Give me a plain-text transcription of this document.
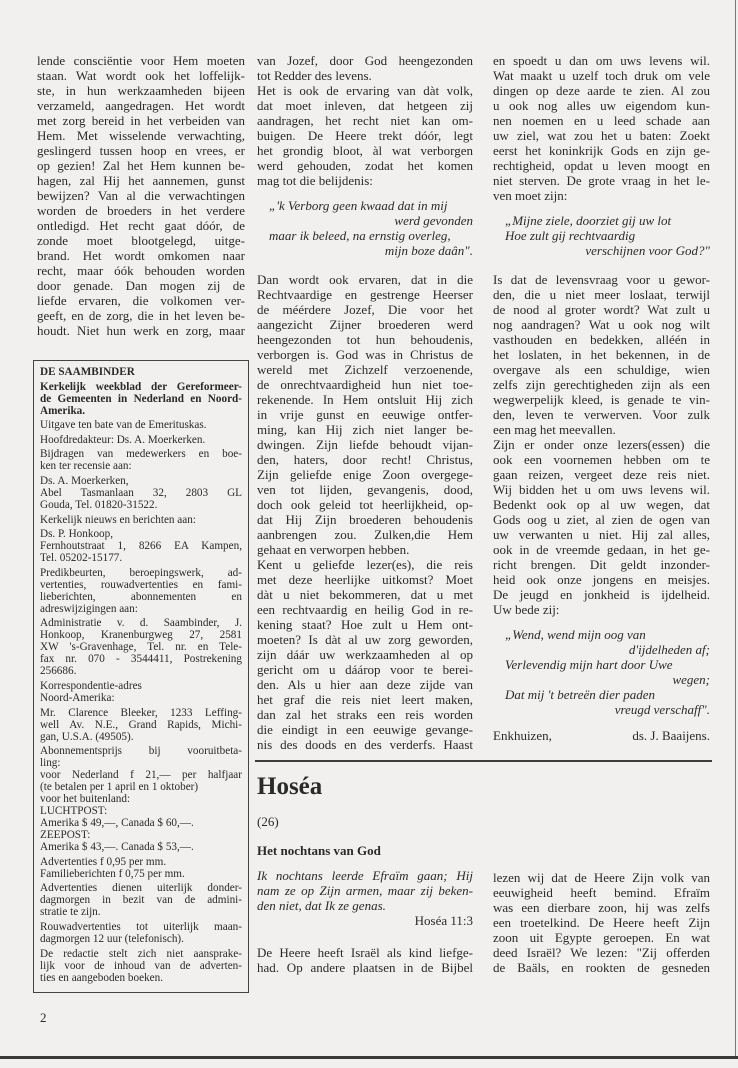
lende consciëntie voor Hem moeten
staan. Wat wordt ook het loffelijk-
ste, in hun werkzaamheden bijeen
verzameld, aangedragen. Het wordt
met zorg bereid in het verbeiden van
Hem. Met wisselende verwachting,
geslingerd tussen hoop en vrees, er
op gezien! Zal het Hem kunnen be-
hagen, zal Hij het aannemen, gunst
bewijzen? Van al die verwachtingen
worden de broeders in het verdere
ontledigd. Het recht gaat dóór, de
zonde moet blootgelegd, uitge-
brand. Het wordt omkomen naar
recht, maar óók behouden worden
door genade. Dan mogen zij de
liefde ervaren, die volkomen ver-
geeft, en de zorg, die in het leven be-
houdt. Niet hun werk en zorg, maar
DE SAAMBINDER
Kerkelijk weekblad der Gereformeer-
de Gemeenten in Nederland en Noord-
Amerika.
Uitgave ten bate van de Emerituskas.
Hoofdredakteur: Ds. A. Moerkerken.
Bijdragen van medewerkers en boe-
ken ter recensie aan:
Ds. A. Moerkerken,
Abel Tasmanlaan 32, 2803 GL
Gouda, Tel. 01820-31522.
Kerkelijk nieuws en berichten aan:
Ds. P. Honkoop,
Fernhoutstraat 1, 8266 EA Kampen,
Tel. 05202-15177.
Predikbeurten, beroepingswerk, ad-
vertenties, rouwadvertenties en fami-
lieberichten, abonnementen en
adreswijzigingen aan:
Administratie v. d. Saambinder, J.
Honkoop, Kranenburgweg 27, 2581
XW 's-Gravenhage, Tel. nr. en Tele-
fax nr. 070 - 3544411, Postrekening
256686.
Korrespondentie-adres
Noord-Amerika:
Mr. Clarence Bleeker, 1233 Leffing-
well Av. N.E., Grand Rapids, Michi-
gan, U.S.A. (49505).
Abonnementsprijs bij vooruitbeta-
ling:
voor Nederland f 21,— per halfjaar
(te betalen per 1 april en 1 oktober)
voor het buitenland:
LUCHTPOST:
Amerika $ 49,—, Canada $ 60,—.
ZEEPOST:
Amerika $ 43,—. Canada $ 53,—.
Advertenties f 0,95 per mm.
Familieberichten f 0,75 per mm.
Advertenties dienen uiterlijk donder-
dagmorgen in bezit van de admini-
stratie te zijn.
Rouwadvertenties tot uiterlijk maan-
dagmorgen 12 uur (telefonisch).
De redactie stelt zich niet aansprake-
lijk voor de inhoud van de adverten-
ties en aangeboden boeken.
van Jozef, door God heengezonden
tot Redder des levens.
Het is ook de ervaring van dàt volk,
dat moet inleven, dat hetgeen zij
aandragen, het recht niet kan om-
buigen. De Heere trekt dóór, legt
het grondig bloot, àl wat verborgen
werd gehouden, zodat het komen
mag tot die belijdenis:
„'k Verborg geen kwaad dat in mij
werd gevonden
maar ik beleed, na ernstig overleg,
mijn boze daân".
Dan wordt ook ervaren, dat in die
Rechtvaardige en gestrenge Heerser
de méérdere Jozef, Die voor het
aangezicht Zijner broederen werd
heengezonden tot hun behoudenis,
verborgen is. God was in Christus de
wereld met Zichzelf verzoenende,
de onrechtvaardigheid hun niet toe-
rekenende. In Hem ontsluit Hij zich
in vrije gunst en eeuwige ontfer-
ming, kan Hij zich niet langer be-
dwingen. Zijn liefde behoudt vijan-
den, haters, door recht! Christus,
Zijn geliefde enige Zoon overgege-
ven tot lijden, gevangenis, dood,
doch ook geleid tot heerlijkheid, op-
dat Hij Zijn broederen behoudenis
aanbrengen zou. Zulken,die Hem
gehaat en verworpen hebben.
Kent u geliefde lezer(es), die reis
met deze heerlijke uitkomst? Moet
dàt u niet bekommeren, dat u met
een rechtvaardig en heilig God in re-
kening staat? Hoe zult u Hem ont-
moeten? Is dàt al uw zorg geworden,
zijn dáár uw werkzaamheden al op
gericht om u dáárop voor te berei-
den. Als u hier aan deze zijde van
het graf die reis niet leert maken,
dan zal het straks een reis worden
die eindigt in een eeuwige gevange-
nis des doods en des verderfs. Haast
en spoedt u dan om uws levens wil.
Wat maakt u uzelf toch druk om vele
dingen op deze aarde te zien. Al zou
u ook nog alles uw eigendom kun-
nen noemen en u leed schade aan
uw ziel, wat zou het u baten: Zoekt
eerst het koninkrijk Gods en zijn ge-
rechtigheid, opdat u leven moogt en
niet sterven. De grote vraag in het le-
ven moet zijn:
„Mijne ziele, doorziet gij uw lot
Hoe zult gij rechtvaardig
verschijnen voor God?"
Is dat de levensvraag voor u gewor-
den, die u niet meer loslaat, terwijl
de nood al groter wordt? Wat zult u
nog aandragen? Wat u ook nog wilt
vasthouden en bedekken, alléén in
het loslaten, in het bekennen, in de
overgave als een schuldige, wien
zelfs zijn gerechtigheden zijn als een
wegwerpelijk kleed, is genade te vin-
den, leven te verwerven. Voor zulk
een mag het meevallen.
Zijn er onder onze lezers(essen) die
ook een voornemen hebben om te
gaan reizen, vergeet deze reis niet.
Wij bidden het u om uws levens wil.
Bedenkt ook op al uw wegen, dat
Gods oog u ziet, al zien de ogen van
uw verwanten u niet. Hij zal alles,
ook in de vreemde gedaan, in het ge-
richt brengen. Dit geldt inzonder-
heid ook onze jongens en meisjes.
De jeugd en jonkheid is ijdelheid.
Uw bede zij:
„Wend, wend mijn oog van
d'ijdelheden af;
Verlevendig mijn hart door Uwe
wegen;
Dat mij 't betreën dier paden
vreugd verschaff".
Enkhuizen,	ds. J. Baaijens.
Hoséa
(26)
Het nochtans van God
Ik nochtans leerde Efraïm gaan; Hij
nam ze op Zijn armen, maar zij beken-
den niet, dat Ik ze genas.
Hoséa 11:3
De Heere heeft Israël als kind liefge-
had. Op andere plaatsen in de Bijbel
lezen wij dat de Heere Zijn volk van
eeuwigheid heeft bemind. Efraïm
was een dierbare zoon, hij was zelfs
een troetelkind. De Heere heeft Zijn
zoon uit Egypte geroepen. En wat
deed Israël? We lezen: "Zij offerden
de Baäls, en rookten de gesneden
2
